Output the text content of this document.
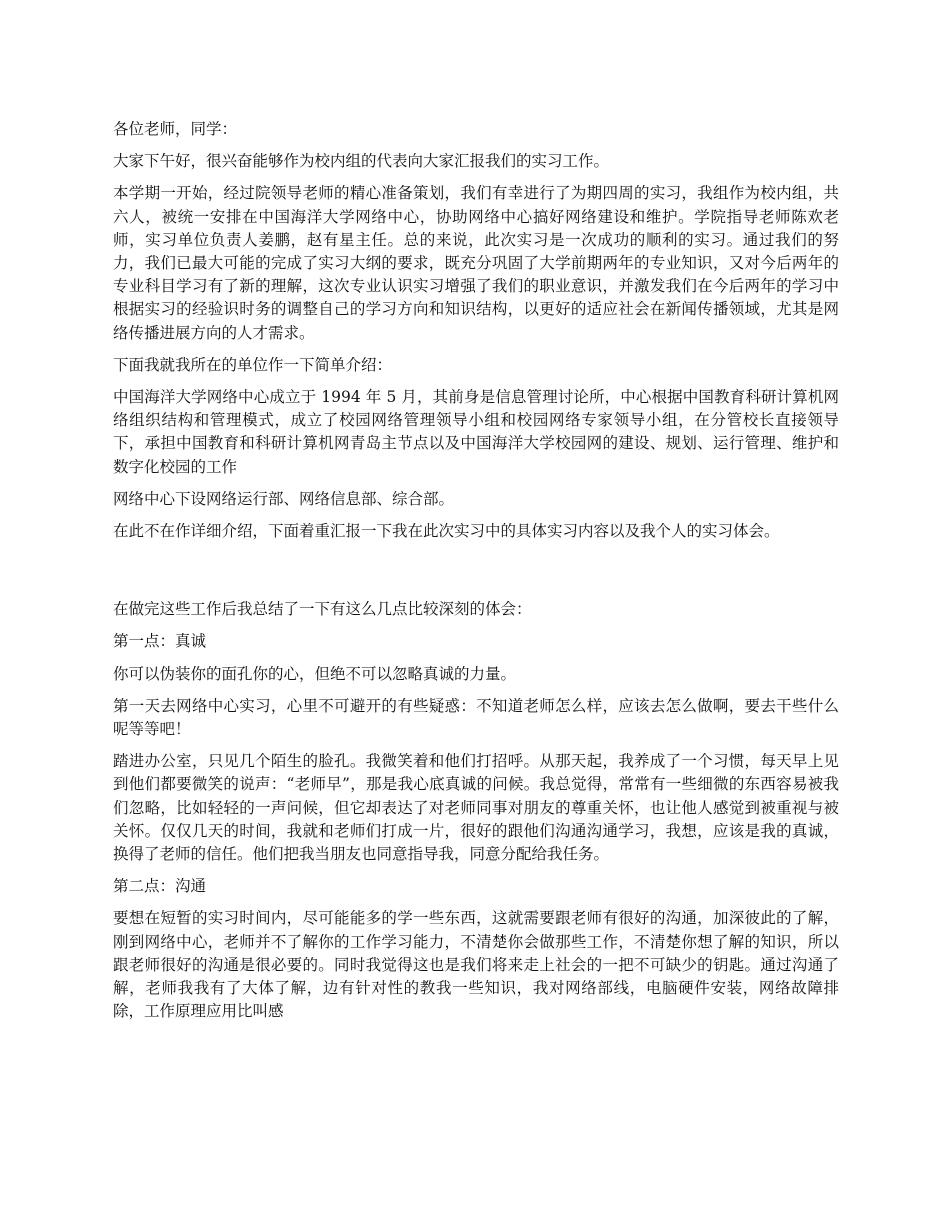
各位老师，同学：

大家下午好，很兴奋能够作为校内组的代表向大家汇报我们的实习工作。

本学期一开始，经过院领导老师的精心准备策划，我们有幸进行了为期四周的实习，我组作为校内组，共六人，被统一安排在中国海洋大学网络中心，协助网络中心搞好网络建设和维护。学院指导老师陈欢老师，实习单位负责人姜鹏，赵有星主任。总的来说，此次实习是一次成功的顺利的实习。通过我们的努力，我们已最大可能的完成了实习大纲的要求，既充分巩固了大学前期两年的专业知识，又对今后两年的专业科目学习有了新的理解，这次专业认识实习增强了我们的职业意识，并激发我们在今后两年的学习中根据实习的经验识时务的调整自己的学习方向和知识结构，以更好的适应社会在新闻传播领域，尤其是网络传播进展方向的人才需求。

下面我就我所在的单位作一下简单介绍：

中国海洋大学网络中心成立于 1994 年 5 月，其前身是信息管理讨论所，中心根据中国教育科研计算机网络组织结构和管理模式，成立了校园网络管理领导小组和校园网络专家领导小组，在分管校长直接领导下，承担中国教育和科研计算机网青岛主节点以及中国海洋大学校园网的建设、规划、运行管理、维护和数字化校园的工作

网络中心下设网络运行部、网络信息部、综合部。

在此不在作详细介绍，下面着重汇报一下我在此次实习中的具体实习内容以及我个人的实习体会。

在做完这些工作后我总结了一下有这么几点比较深刻的体会：

第一点：真诚

你可以伪装你的面孔你的心，但绝不可以忽略真诚的力量。

第一天去网络中心实习，心里不可避开的有些疑惑：不知道老师怎么样，应该去怎么做啊，要去干些什么呢等等吧！

踏进办公室，只见几个陌生的脸孔。我微笑着和他们打招呼。从那天起，我养成了一个习惯，每天早上见到他们都要微笑的说声：“老师早”，那是我心底真诚的问候。我总觉得，常常有一些细微的东西容易被我们忽略，比如轻轻的一声问候，但它却表达了对老师同事对朋友的尊重关怀，也让他人感觉到被重视与被关怀。仅仅几天的时间，我就和老师们打成一片，很好的跟他们沟通沟通学习，我想，应该是我的真诚，换得了老师的信任。他们把我当朋友也同意指导我，同意分配给我任务。

第二点：沟通

要想在短暂的实习时间内，尽可能能多的学一些东西，这就需要跟老师有很好的沟通，加深彼此的了解，刚到网络中心，老师并不了解你的工作学习能力，不清楚你会做那些工作，不清楚你想了解的知识，所以跟老师很好的沟通是很必要的。同时我觉得这也是我们将来走上社会的一把不可缺少的钥匙。通过沟通了解，老师我我有了大体了解，边有针对性的教我一些知识，我对网络部线，电脑硬件安装，网络故障排除，工作原理应用比叫感
